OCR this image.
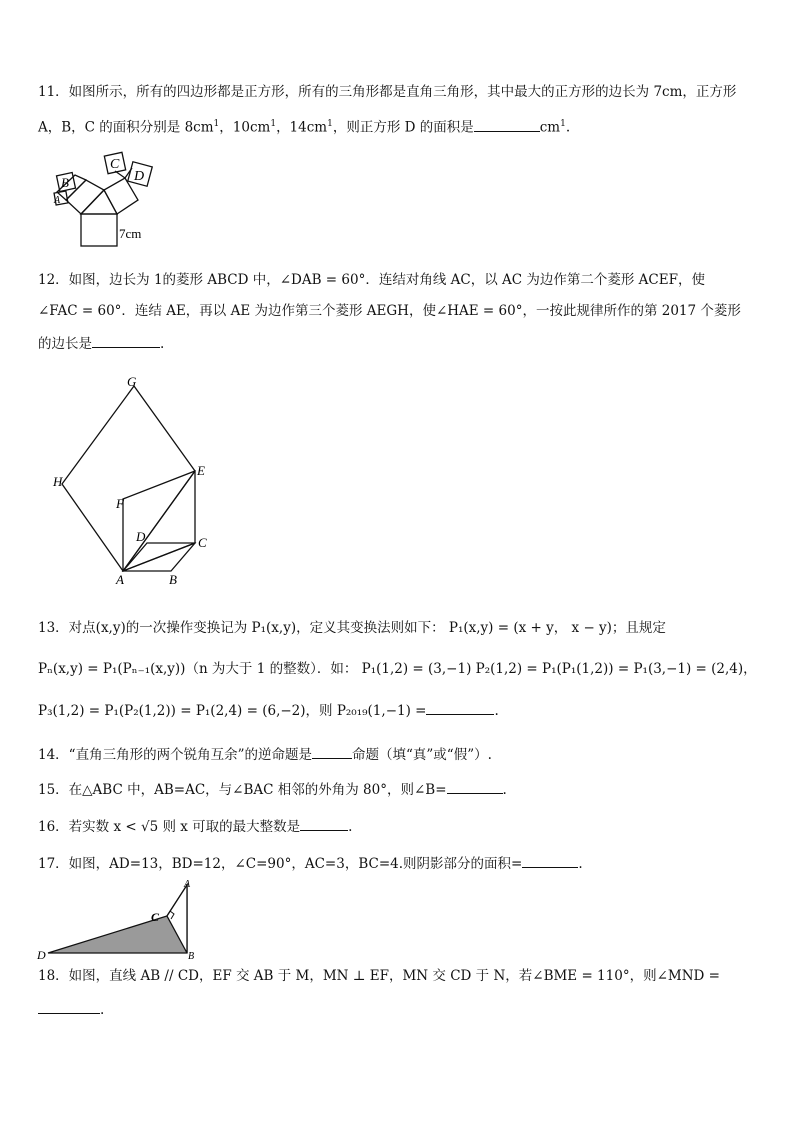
11．如图所示，所有的四边形都是正方形，所有的三角形都是直角三角形，其中最大的正方形的边长为 7cm，正方形
A，B，C 的面积分别是 $8cm^1$，$10cm^1$，$14cm^1$，则正方形 D 的面积是	$cm^1$.
B
A
C
D
7cm
12．如图，边长为 1的菱形 ABCD 中，∠DAB = 60°．连结对角线 AC，以 AC 为边作第二个菱形 ACEF，使
∠FAC = 60°．连结 AE，再以 AE 为边作第三个菱形 AEGH，使∠HAE = 60°，一按此规律所作的第 2017 个菱形
的边长是	.
G
H
E
F
D	C
A	B
13．对点(x,y)的一次操作变换记为 P₁(x,y)，定义其变换法则如下： P₁(x,y) = (x + y， x − y)；且规定
Pₙ(x,y) = P₁(Pₙ₋₁(x,y))（n 为大于 1 的整数）．如： P₁(1,2) = (3,−1) P₂(1,2) = P₁(P₁(1,2)) = P₁(3,−1) = (2,4)，
P₃(1,2) = P₁(P₂(1,2)) = P₁(2,4) = (6,−2)，则 P₂₀₁₉(1,−1) =	.
14．“直角三角形的两个锐角互余”的逆命题是	命题（填“真”或“假”）.
15．在△ABC 中，AB=AC，与∠BAC 相邻的外角为 80°，则∠B=	.
16．若实数 x < √5 则 x 可取的最大整数是	.
17．如图，AD=13，BD=12，∠C=90°，AC=3，BC=4.则阴影部分的面积=	.
A
B
C
D
18．如图，直线 AB // CD，EF 交 AB 于 M，MN ⊥ EF，MN 交 CD 于 N，若∠BME = 110°，则∠MND =
.
